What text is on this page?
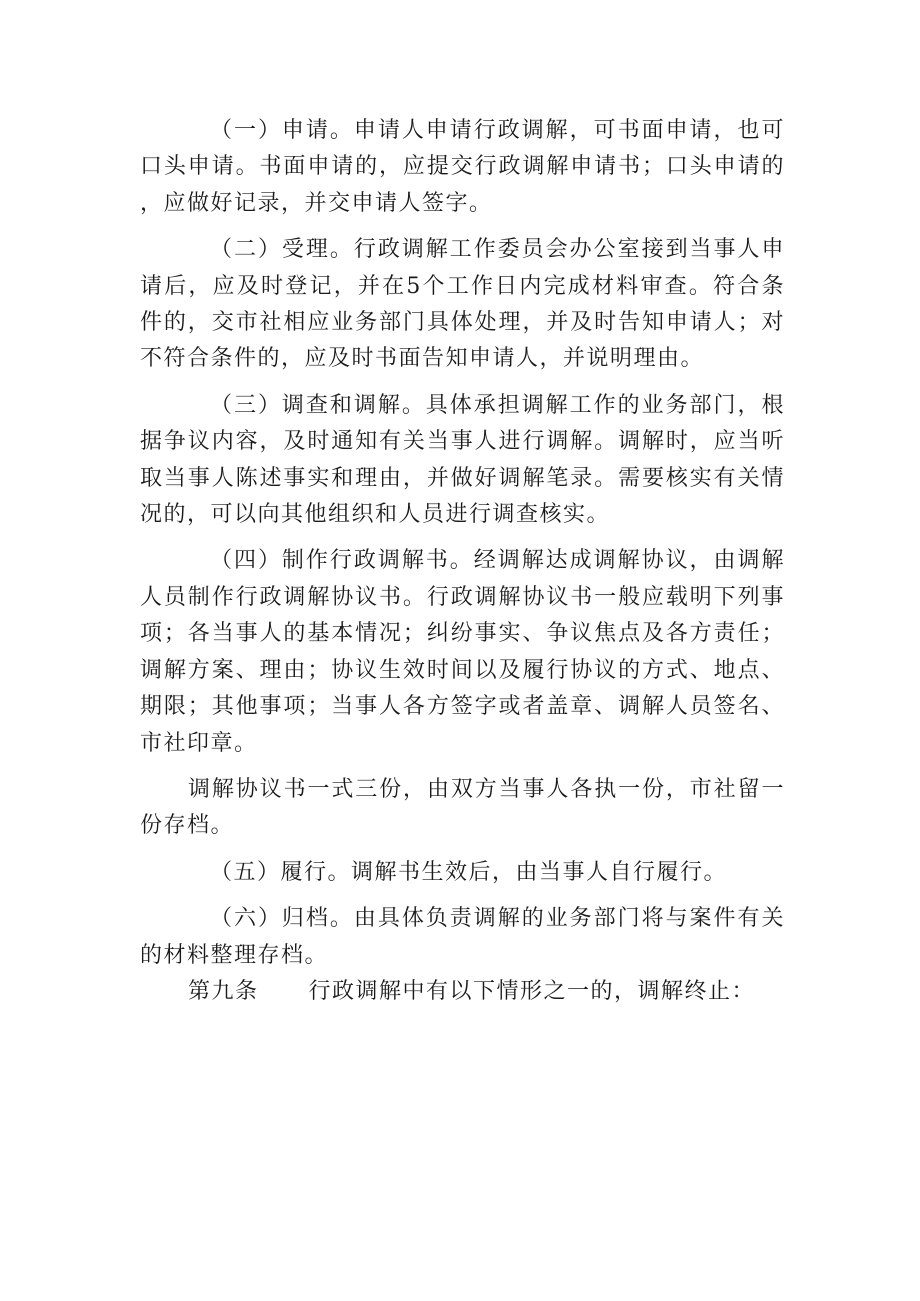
（一）申请。申请人申请行政调解，可书面申请，也可口头申请。书面申请的，应提交行政调解申请书；口头申请的，应做好记录，并交申请人签字。

（二）受理。行政调解工作委员会办公室接到当事人申请后，应及时登记，并在5个工作日内完成材料审查。符合条件的，交市社相应业务部门具体处理，并及时告知申请人；对不符合条件的，应及时书面告知申请人，并说明理由。

（三）调查和调解。具体承担调解工作的业务部门，根据争议内容，及时通知有关当事人进行调解。调解时，应当听取当事人陈述事实和理由，并做好调解笔录。需要核实有关情况的，可以向其他组织和人员进行调查核实。

（四）制作行政调解书。经调解达成调解协议，由调解人员制作行政调解协议书。行政调解协议书一般应载明下列事项；各当事人的基本情况；纠纷事实、争议焦点及各方责任；调解方案、理由；协议生效时间以及履行协议的方式、地点、期限；其他事项；当事人各方签字或者盖章、调解人员签名、市社印章。

调解协议书一式三份，由双方当事人各执一份，市社留一份存档。

（五）履行。调解书生效后，由当事人自行履行。

（六）归档。由具体负责调解的业务部门将与案件有关的材料整理存档。

第九条 行政调解中有以下情形之一的，调解终止：
